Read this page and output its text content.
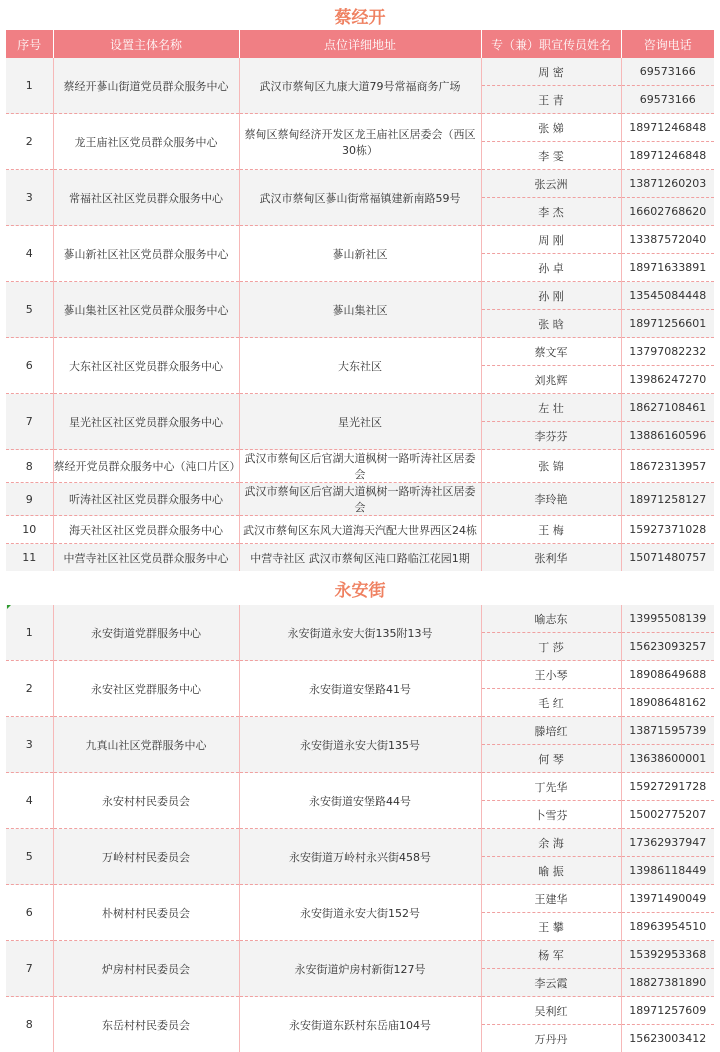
蔡经开
序号	设置主体名称	点位详细地址	专（兼）职宣传员姓名	咨询电话
1	蔡经开蔘山街道党员群众服务中心	武汉市蔡甸区九康大道79号常福商务广场	周 密	69573166
			王 青	69573166
2	龙王庙社区党员群众服务中心	蔡甸区蔡甸经济开发区龙王庙社区居委会（西区30栋）	张 娣	18971246848
			李 雯	18971246848
3	常福社区社区党员群众服务中心	武汉市蔡甸区蔘山街常福镇建新南路59号	张云洲	13871260203
			李 杰	16602768620
4	蔘山新社区社区党员群众服务中心	蔘山新社区	周 刚	13387572040
			孙 卓	18971633891
5	蔘山集社区社区党员群众服务中心	蔘山集社区	孙 刚	13545084448
			张 晗	18971256601
6	大东社区社区党员群众服务中心	大东社区	蔡文军	13797082232
			刘兆辉	13986247270
7	星光社区社区党员群众服务中心	星光社区	左 壮	18627108461
			李芬芬	13886160596
8	蔡经开党员群众服务中心（沌口片区）	武汉市蔡甸区后官湖大道枫树一路听涛社区居委会	张 锦	18672313957
9	听涛社区社区党员群众服务中心	武汉市蔡甸区后官湖大道枫树一路听涛社区居委会	李玲艳	18971258127
10	海天社区社区党员群众服务中心	武汉市蔡甸区东风大道海天汽配大世界西区24栋	王 梅	15927371028
11	中营寺社区社区党员群众服务中心	中营寺社区 武汉市蔡甸区沌口路临江花园1期	张利华	15071480757
永安街
1	永安街道党群服务中心	永安街道永安大街135附13号	喻志东	13995508139
			丁 莎	15623093257
2	永安社区党群服务中心	永安街道安堡路41号	王小琴	18908649688
			毛 红	18908648162
3	九真山社区党群服务中心	永安街道永安大街135号	滕培红	13871595739
			何 琴	13638600001
4	永安村村民委员会	永安街道安堡路44号	丁先华	15927291728
			卜雪芬	15002775207
5	万岭村村民委员会	永安街道万岭村永兴街458号	余 海	17362937947
			喻 振	13986118449
6	朴树村村民委员会	永安街道永安大街152号	王建华	13971490049
			王 攀	18963954510
7	炉房村村民委员会	永安街道炉房村新街127号	杨 军	15392953368
			李云霞	18827381890
8	东岳村村民委员会	永安街道东跃村东岳庙104号	吴利红	18971257609
			万丹丹	15623003412
